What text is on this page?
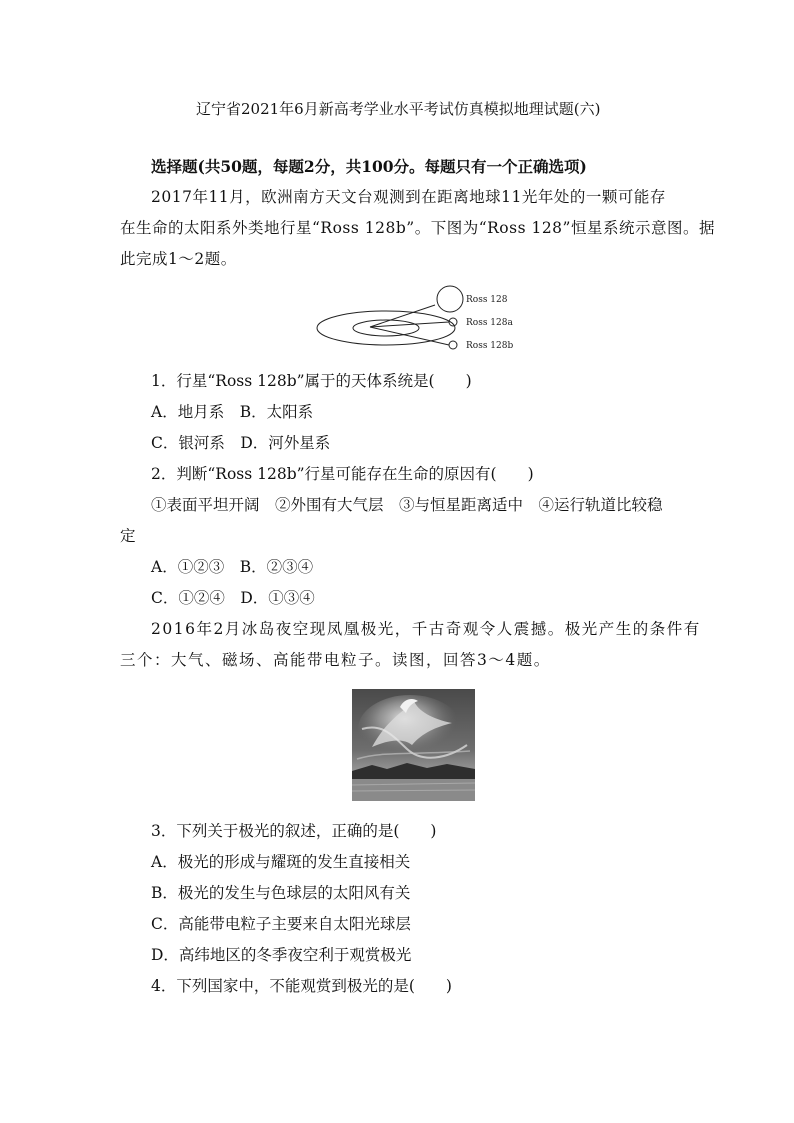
辽宁省2021年6月新高考学业水平考试仿真模拟地理试题(六)
选择题(共50题，每题2分，共100分。每题只有一个正确选项)
2017年11月，欧洲南方天文台观测到在距离地球11光年处的一颗可能存
在生命的太阳系外类地行星“Ross 128b”。下图为“Ross 128”恒星系统示意图。据
此完成1～2题。
Ross 128
Ross 128a
Ross 128b
1．行星“Ross 128b”属于的天体系统是(　　)
A．地月系　B．太阳系
C．银河系　D．河外星系
2．判断“Ross 128b”行星可能存在生命的原因有(　　)
①表面平坦开阔　②外围有大气层　③与恒星距离适中　④运行轨道比较稳
定
A．①②③　B．②③④
C．①②④　D．①③④
2016年2月冰岛夜空现凤凰极光，千古奇观令人震撼。极光产生的条件有
三个：大气、磁场、高能带电粒子。读图，回答3～4题。
3．下列关于极光的叙述，正确的是(　　)
A．极光的形成与耀斑的发生直接相关
B．极光的发生与色球层的太阳风有关
C．高能带电粒子主要来自太阳光球层
D．高纬地区的冬季夜空利于观赏极光
4．下列国家中，不能观赏到极光的是(　　)
